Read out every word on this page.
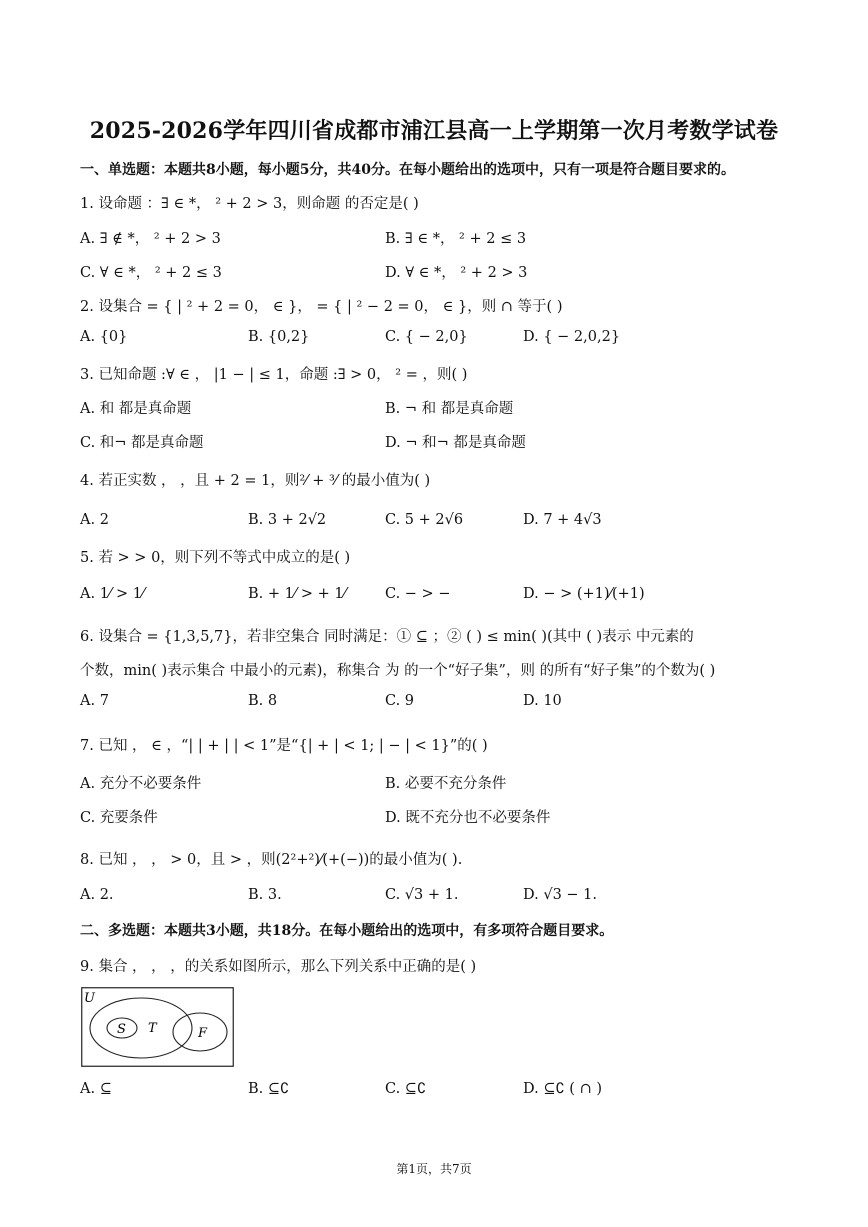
2025-2026学年四川省成都市浦江县高一上学期第一次月考数学试卷
一、单选题：本题共8小题，每小题5分，共40分。在每小题给出的选项中，只有一项是符合题目要求的。
1. 设命题 ：∃ ∈ *， ² + 2 > 3，则命题 的否定是( )
A. ∃ ∉ *， ² + 2 > 3	B. ∃ ∈ *， ² + 2 ≤ 3
C. ∀ ∈ *， ² + 2 ≤ 3	D. ∀ ∈ *， ² + 2 > 3
2. 设集合 = { | ² + 2 = 0， ∈ }， = { | ² − 2 = 0， ∈ }，则 ∩ 等于( )
A. {0}	B. {0,2}	C. { − 2,0}	D. { − 2,0,2}
3. 已知命题 :∀ ∈ ， |1 − | ≤ 1，命题 :∃ > 0， ² = ，则( )
A. 和 都是真命题	B. ¬ 和 都是真命题
C. 和¬ 都是真命题	D. ¬ 和¬ 都是真命题
4. 若正实数 ， ，且 + 2 = 1，则²⁄ + ³⁄ 的最小值为( )
A. 2	B. 3 + 2√2	C. 5 + 2√6	D. 7 + 4√3
5. 若 > > 0，则下列不等式中成立的是( )
A. 1⁄ > 1⁄	B. + 1⁄ > + 1⁄	C. − > −	D. − > (+1)⁄(+1)
6. 设集合 = {1,3,5,7}，若非空集合 同时满足：① ⊆ ；② ( ) ≤ min( )(其中 ( )表示 中元素的
个数，min( )表示集合 中最小的元素)，称集合 为 的一个“好子集”，则 的所有“好子集”的个数为( )
A. 7	B. 8	C. 9	D. 10
7. 已知 ， ∈ ，“| | + | | < 1”是“{| + | < 1; | − | < 1}”的( )
A. 充分不必要条件	B. 必要不充分条件
C. 充要条件	D. 既不充分也不必要条件
8. 已知 ， ， > 0，且 > ，则(2²+²)⁄(+(−))的最小值为( ).
A. 2.	B. 3.	C. √3 + 1.	D. √3 − 1.
二、多选题：本题共3小题，共18分。在每小题给出的选项中，有多项符合题目要求。
9. 集合 ， ， ，的关系如图所示，那么下列关系中正确的是( )
U
S T	F
A. ⊆	B. ⊆∁	C. ⊆∁	D. ⊆∁ ( ∩ )
第1页，共7页
